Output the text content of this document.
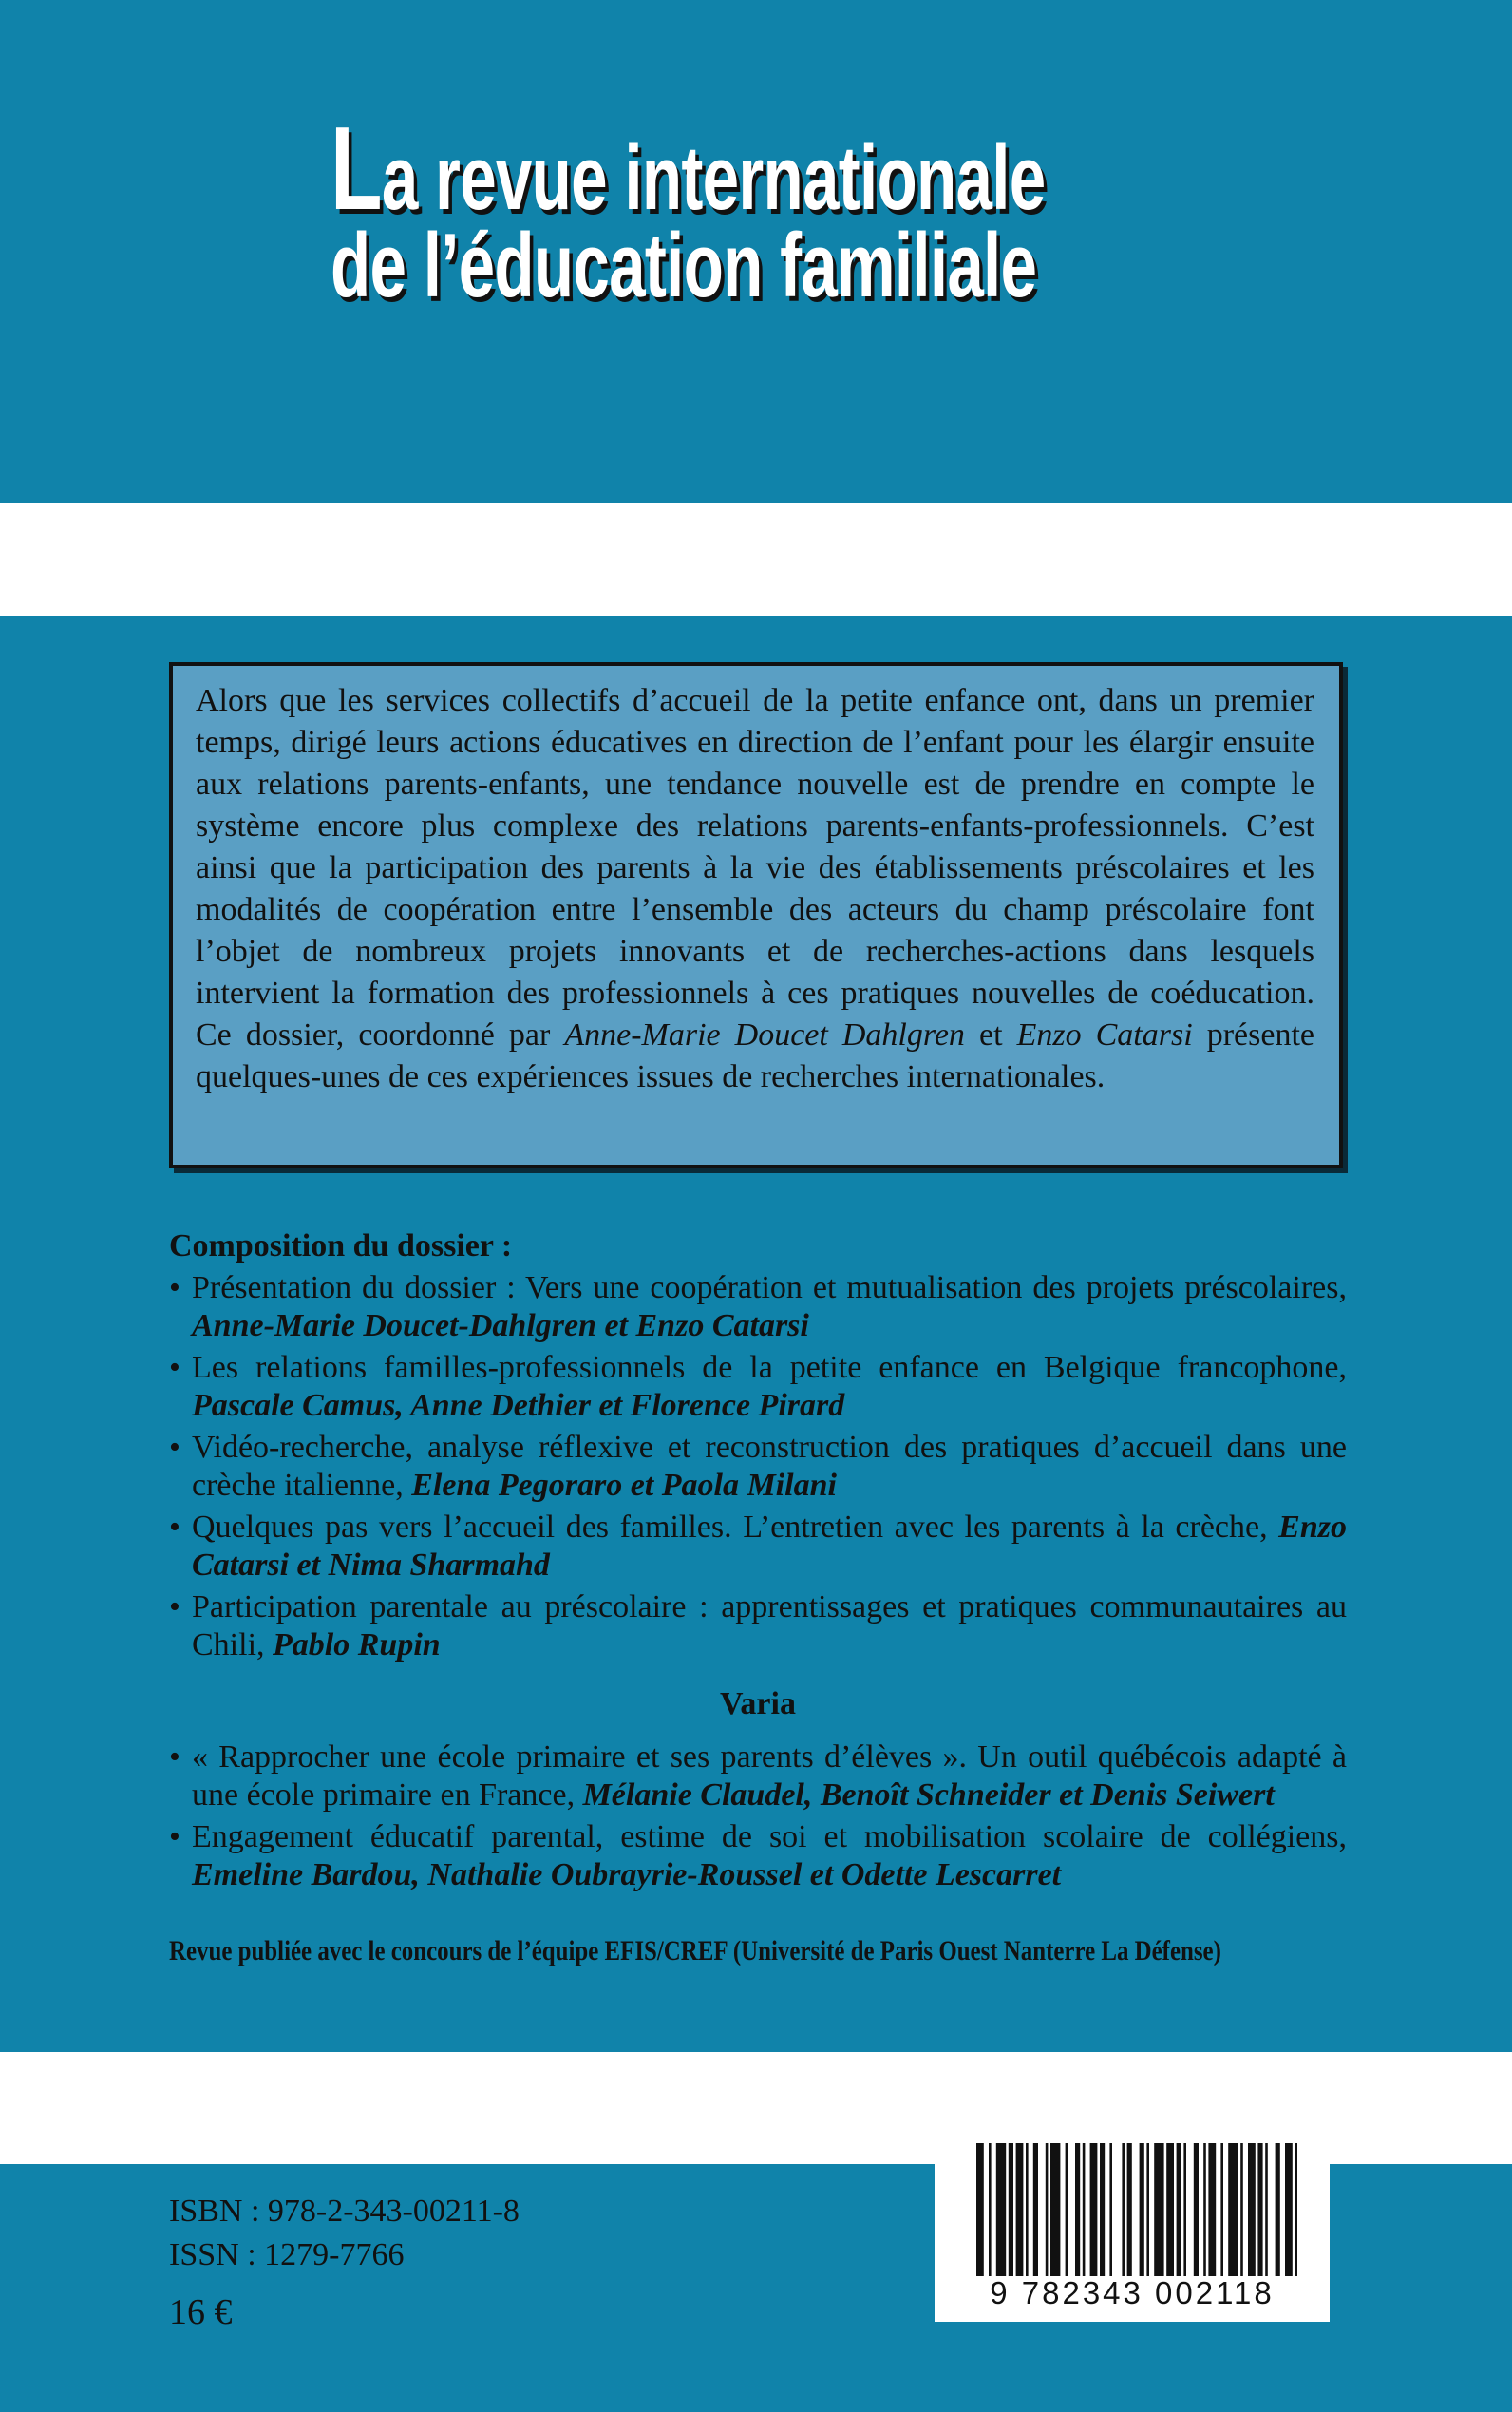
La revue internationale
de l’éducation familiale
Alors que les services collectifs d’accueil de la petite enfance ont, dans un premier temps, dirigé leurs actions éducatives en direction de l’enfant pour les élargir ensuite aux relations parents-enfants, une tendance nouvelle est de prendre en compte le système encore plus complexe des relations parents-enfants-professionnels. C’est ainsi que la participation des parents à la vie des établissements préscolaires et les modalités de coopération entre l’ensemble des acteurs du champ préscolaire font l’objet de nombreux projets innovants et de recherches-actions dans lesquels intervient la formation des professionnels à ces pratiques nouvelles de coéducation. Ce dossier, coordonné par Anne-Marie Doucet Dahlgren et Enzo Catarsi présente quelques-unes de ces expériences issues de recherches internationales.
Composition du dossier :
• Présentation du dossier : Vers une coopération et mutualisation des projets préscolaires, Anne-Marie Doucet-Dahlgren et Enzo Catarsi
• Les relations familles-professionnels de la petite enfance en Belgique francophone, Pascale Camus, Anne Dethier et Florence Pirard
• Vidéo-recherche, analyse réflexive et reconstruction des pratiques d’accueil dans une crèche italienne, Elena Pegoraro et Paola Milani
• Quelques pas vers l’accueil des familles. L’entretien avec les parents à la crèche, Enzo Catarsi et Nima Sharmahd
• Participation parentale au préscolaire : apprentissages et pratiques communautaires au Chili, Pablo Rupin
Varia
• « Rapprocher une école primaire et ses parents d’élèves ». Un outil québécois adapté à une école primaire en France, Mélanie Claudel, Benoît Schneider et Denis Seiwert
• Engagement éducatif parental, estime de soi et mobilisation scolaire de collégiens, Emeline Bardou, Nathalie Oubrayrie-Roussel et Odette Lescarret
Revue publiée avec le concours de l’équipe EFIS/CREF (Université de Paris Ouest Nanterre La Défense)
ISBN : 978-2-343-00211-8
ISSN : 1279-7766
16 €	9 782343 002118
